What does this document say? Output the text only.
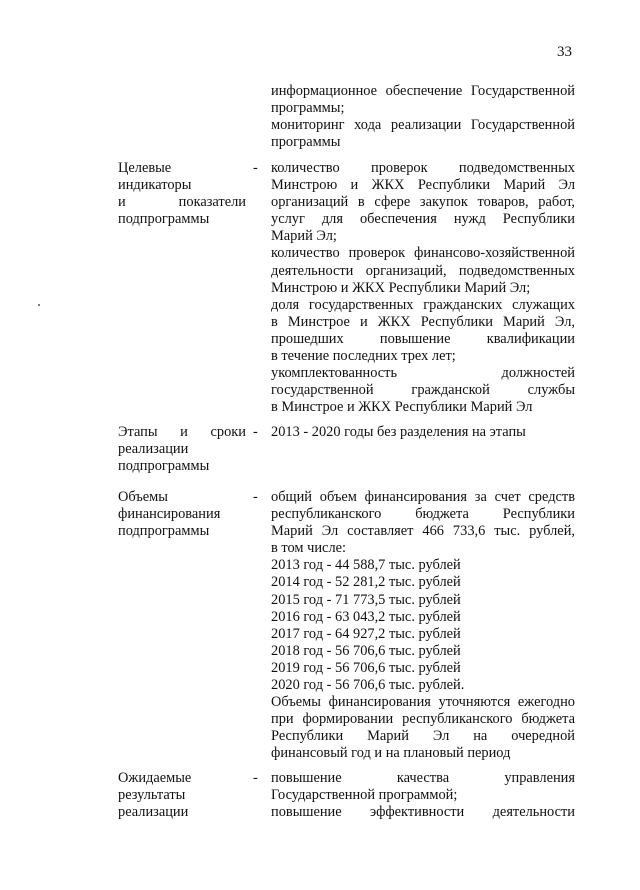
33
информационное обеспечение Государственной
программы;
мониторинг хода реализации Государственной
программы
Целевые
индикаторы
и показатели
подпрограммы
- количество проверок подведомственных
Минстрою и ЖКХ Республики Марий Эл
организаций в сфере закупок товаров, работ,
услуг для обеспечения нужд Республики
Марий Эл;
количество проверок финансово-хозяйственной
деятельности организаций, подведомственных
Минстрою и ЖКХ Республики Марий Эл;
доля государственных гражданских служащих
в Минстрое и ЖКХ Республики Марий Эл,
прошедших повышение квалификации
в течение последних трех лет;
укомплектованность должностей
государственной гражданской службы
в Минстрое и ЖКХ Республики Марий Эл
Этапы и сроки
реализации
подпрограммы
- 2013 - 2020 годы без разделения на этапы
Объемы
финансирования
подпрограммы
- общий объем финансирования за счет средств
республиканского бюджета Республики
Марий Эл составляет 466 733,6 тыс. рублей,
в том числе:
2013 год - 44 588,7 тыс. рублей
2014 год - 52 281,2 тыс. рублей
2015 год - 71 773,5 тыс. рублей
2016 год - 63 043,2 тыс. рублей
2017 год - 64 927,2 тыс. рублей
2018 год - 56 706,6 тыс. рублей
2019 год - 56 706,6 тыс. рублей
2020 год - 56 706,6 тыс. рублей.
Объемы финансирования уточняются ежегодно
при формировании республиканского бюджета
Республики Марий Эл на очередной
финансовый год и на плановый период
Ожидаемые
результаты
реализации
- повышение качества управления
Государственной программой;
повышение эффективности деятельности
